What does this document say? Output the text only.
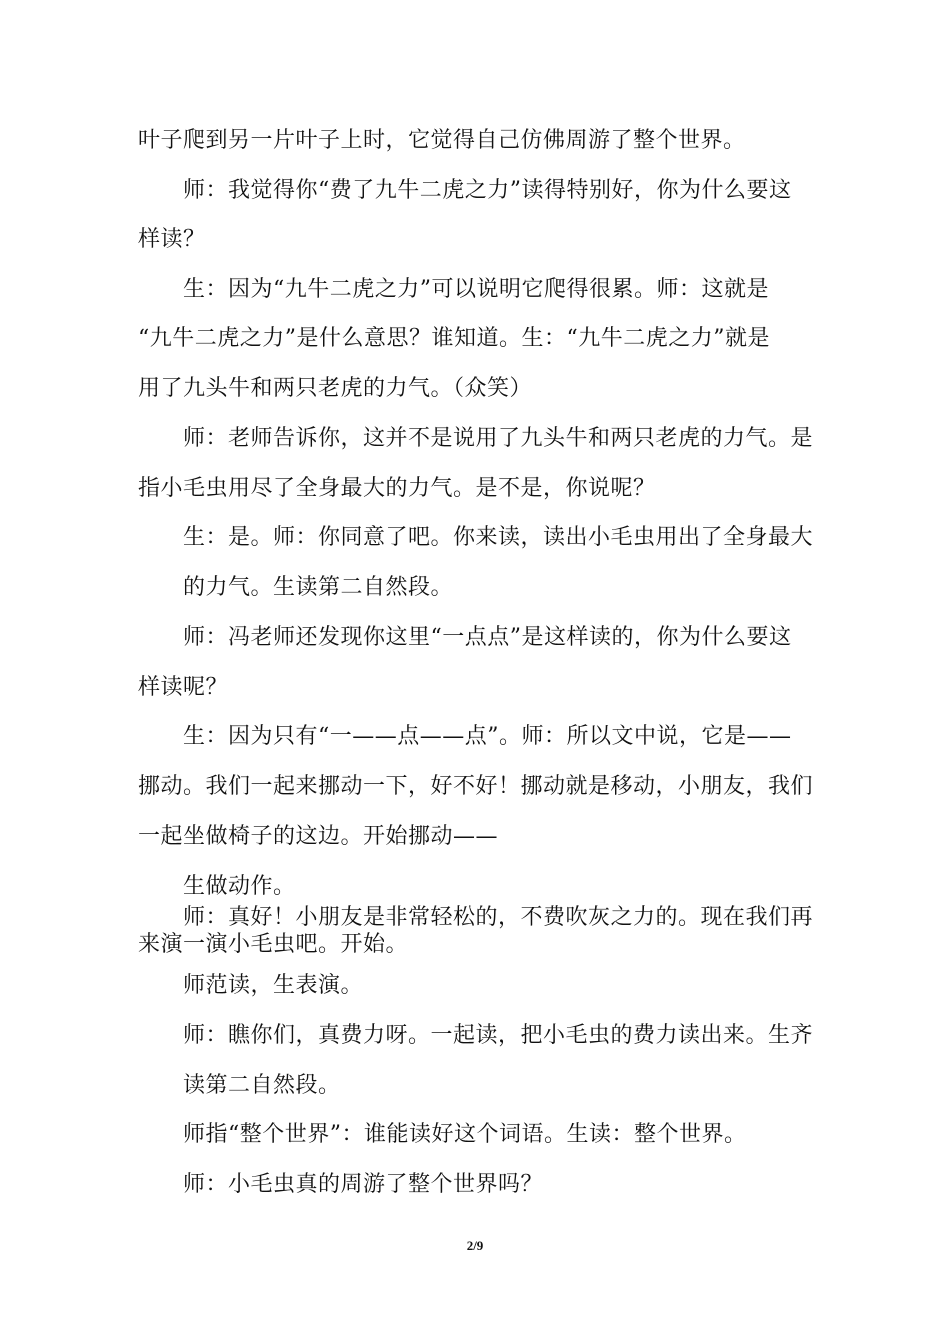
叶子爬到另一片叶子上时，它觉得自己仿佛周游了整个世界。
师：我觉得你“费了九牛二虎之力”读得特别好，你为什么要这
样读？
生：因为“九牛二虎之力”可以说明它爬得很累。师：这就是
“九牛二虎之力”是什么意思？谁知道。生：“九牛二虎之力”就是
用了九头牛和两只老虎的力气。（众笑）
师：老师告诉你，这并不是说用了九头牛和两只老虎的力气。是
指小毛虫用尽了全身最大的力气。是不是，你说呢？
生：是。师：你同意了吧。你来读，读出小毛虫用出了全身最大
的力气。生读第二自然段。
师：冯老师还发现你这里“一点点”是这样读的，你为什么要这
样读呢？
生：因为只有“一——点——点”。师：所以文中说，它是——
挪动。我们一起来挪动一下，好不好！挪动就是移动，小朋友，我们
一起坐做椅子的这边。开始挪动——
生做动作。
师：真好！小朋友是非常轻松的，不费吹灰之力的。现在我们再
来演一演小毛虫吧。开始。
师范读，生表演。
师：瞧你们，真费力呀。一起读，把小毛虫的费力读出来。生齐
读第二自然段。
师指“整个世界”：谁能读好这个词语。生读：整个世界。
师：小毛虫真的周游了整个世界吗？
2/9
